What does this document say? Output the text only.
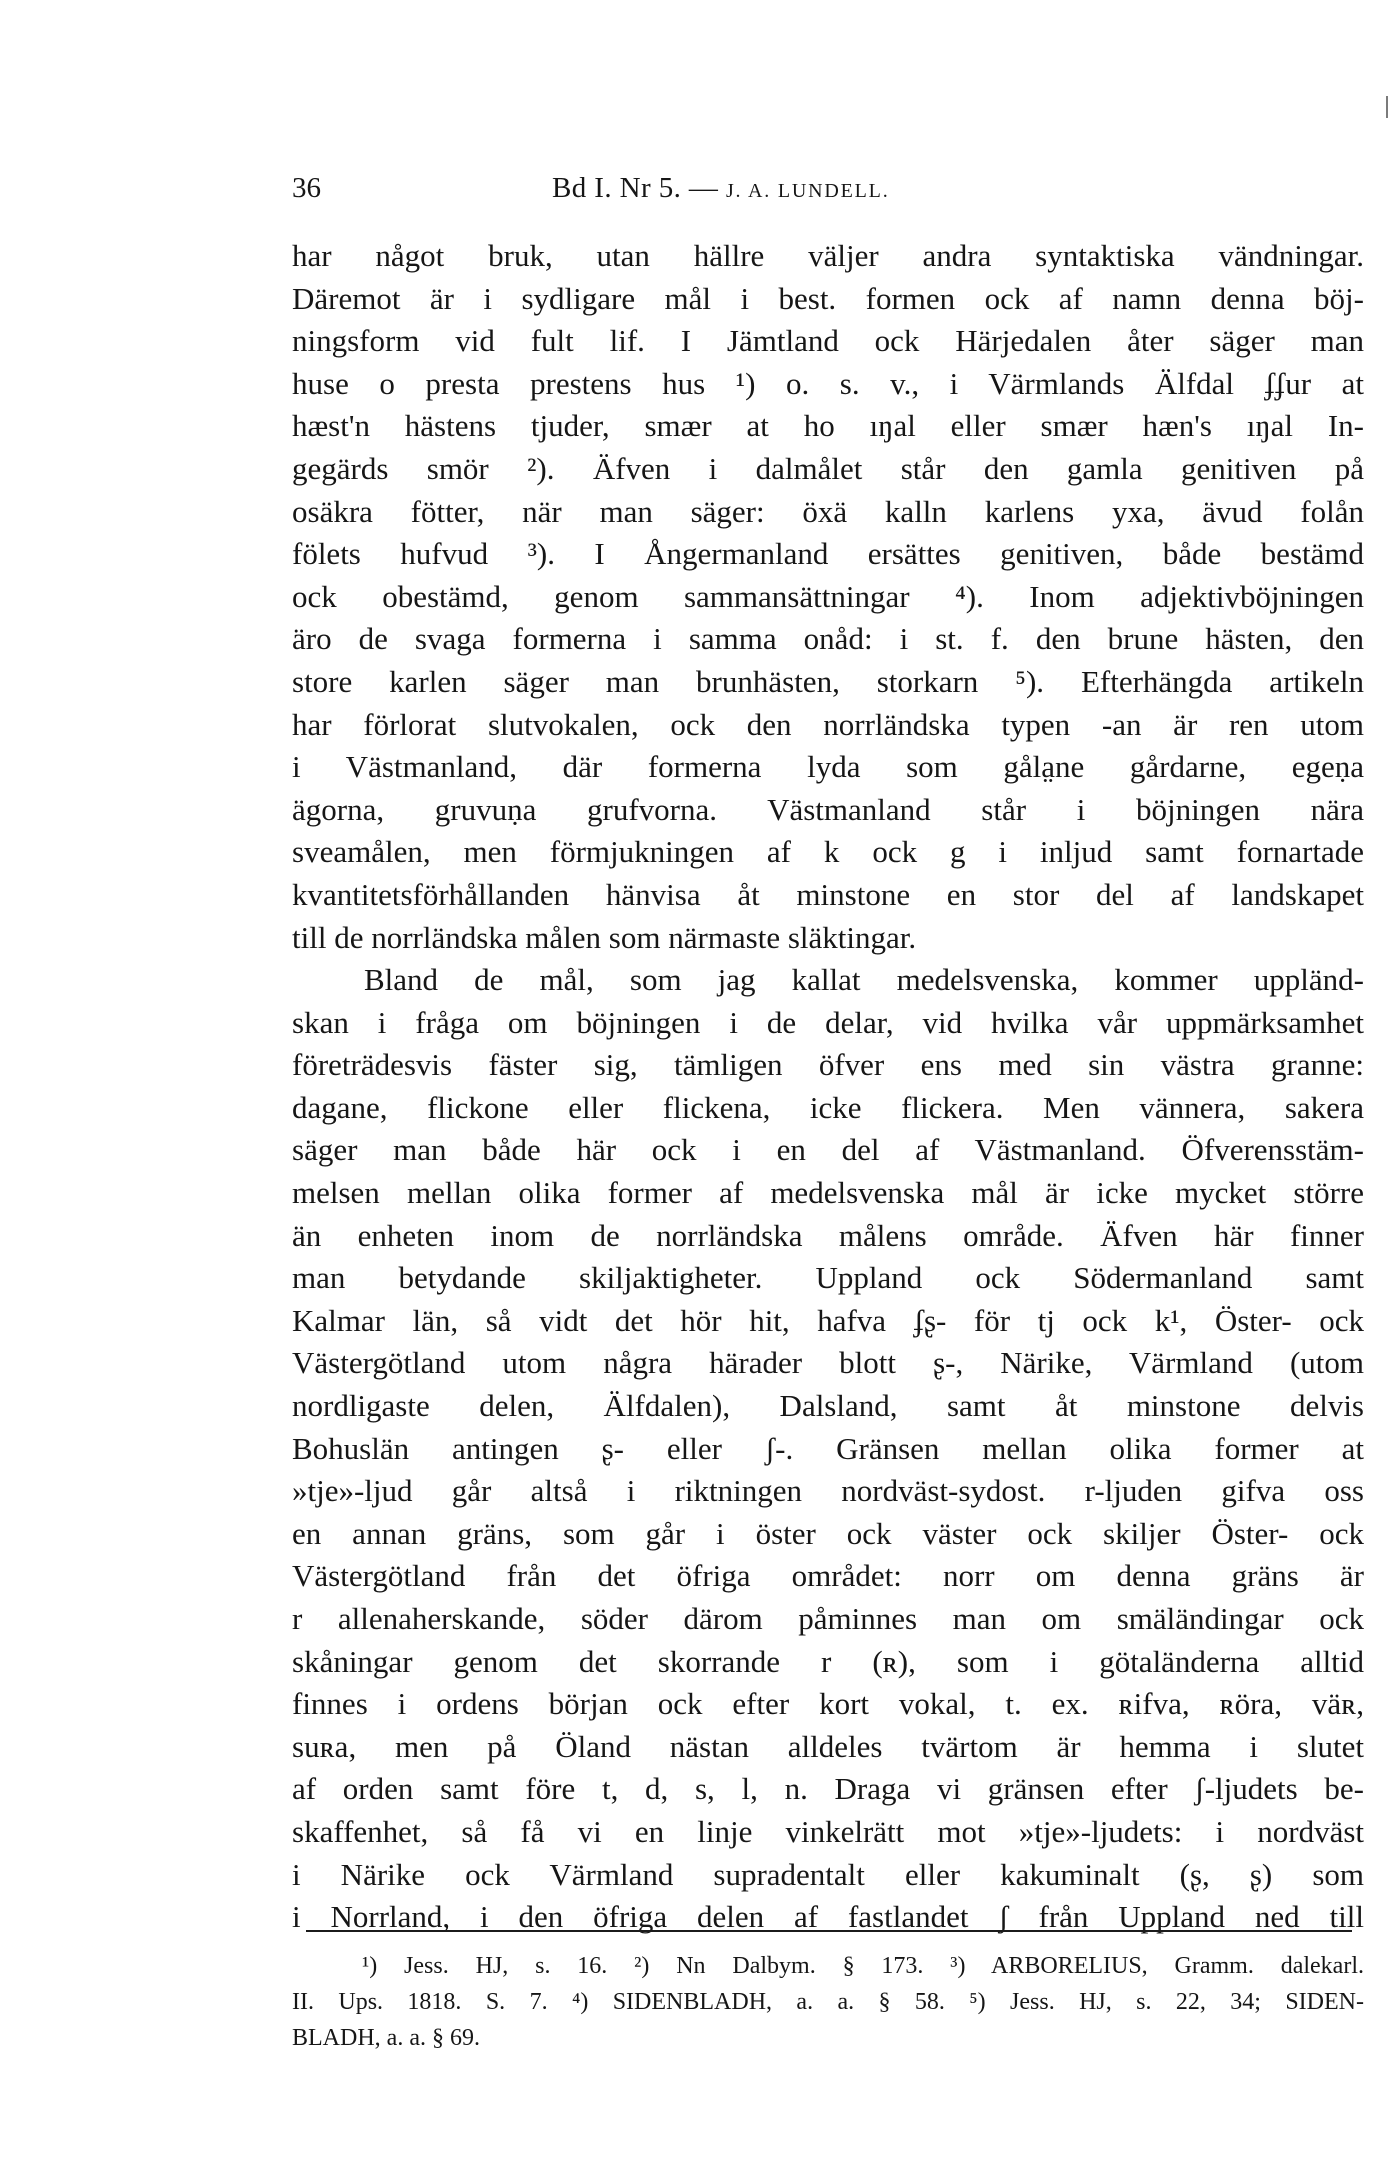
36	Bd I. Nr 5. — J. A. LUNDELL.
har något bruk, utan hällre väljer andra syntaktiska vändningar.
Däremot är i sydligare mål i best. formen ock af namn denna böj-
ningsform vid fult lif. I Jämtland ock Härjedalen åter säger man
huse o presta prestens hus ¹) o. s. v., i Värmlands Älfdal ʄʄur at
hæst'n hästens tjuder, smær at ho ıŋal eller smær hæn's ıŋal In-
gegärds smör ²). Äfven i dalmålet står den gamla genitiven på
osäkra fötter, när man säger: öxä kalln karlens yxa, ävud folån
fölets hufvud ³). I Ångermanland ersättes genitiven, både bestämd
ock obestämd, genom sammansättningar ⁴). Inom adjektivböjningen
äro de svaga formerna i samma onåd: i st. f. den brune hästen, den
store karlen säger man brunhästen, storkarn ⁵). Efterhängda artikeln
har förlorat slutvokalen, ock den norrländska typen -an är ren utom
i Västmanland, där formerna lyda som gåla̤ne gårdarne, egeṇa
ägorna, gruvuṇa grufvorna. Västmanland står i böjningen nära
sveamålen, men förmjukningen af k ock g i inljud samt fornartade
kvantitetsförhållanden hänvisa åt minstone en stor del af landskapet
till de norrländska målen som närmaste släktingar.
Bland de mål, som jag kallat medelsvenska, kommer uppländ-
skan i fråga om böjningen i de delar, vid hvilka vår uppmärksamhet
företrädesvis fäster sig, tämligen öfver ens med sin västra granne:
dagane, flickone eller flickena, icke flickera. Men vännera, sakera
säger man både här ock i en del af Västmanland. Öfverensstäm-
melsen mellan olika former af medelsvenska mål är icke mycket större
än enheten inom de norrländska målens område. Äfven här finner
man betydande skiljaktigheter. Uppland ock Södermanland samt
Kalmar län, så vidt det hör hit, hafva ʄʂ- för tj ock k¹, Öster- ock
Västergötland utom några härader blott ʂ-, Närike, Värmland (utom
nordligaste delen, Älfdalen), Dalsland, samt åt minstone delvis
Bohuslän antingen ʂ- eller ʃ-. Gränsen mellan olika former at
»tje»-ljud går altså i riktningen nordväst-sydost. r-ljuden gifva oss
en annan gräns, som går i öster ock väster ock skiljer Öster- ock
Västergötland från det öfriga området: norr om denna gräns är
r allenaherskande, söder därom påminnes man om smäländingar ock
skåningar genom det skorrande r (ʀ), som i götaländerna alltid
finnes i ordens början ock efter kort vokal, t. ex. ʀifva, ʀöra, väʀ,
suʀa, men på Öland nästan alldeles tvärtom är hemma i slutet
af orden samt före t, d, s, l, n. Draga vi gränsen efter ʃ-ljudets be-
skaffenhet, så få vi en linje vinkelrätt mot »tje»-ljudets: i nordväst
i Närike ock Värmland supradentalt eller kakuminalt (ʂ, ʂ) som
i Norrland, i den öfriga delen af fastlandet ʃ från Uppland ned till
¹) Jess. HJ, s. 16. ²) Nn Dalbym. § 173. ³) ARBORELIUS, Gramm. dalekarl.
II. Ups. 1818. S. 7. ⁴) SIDENBLADH, a. a. § 58. ⁵) Jess. HJ, s. 22, 34; SIDEN-
BLADH, a. a. § 69.
